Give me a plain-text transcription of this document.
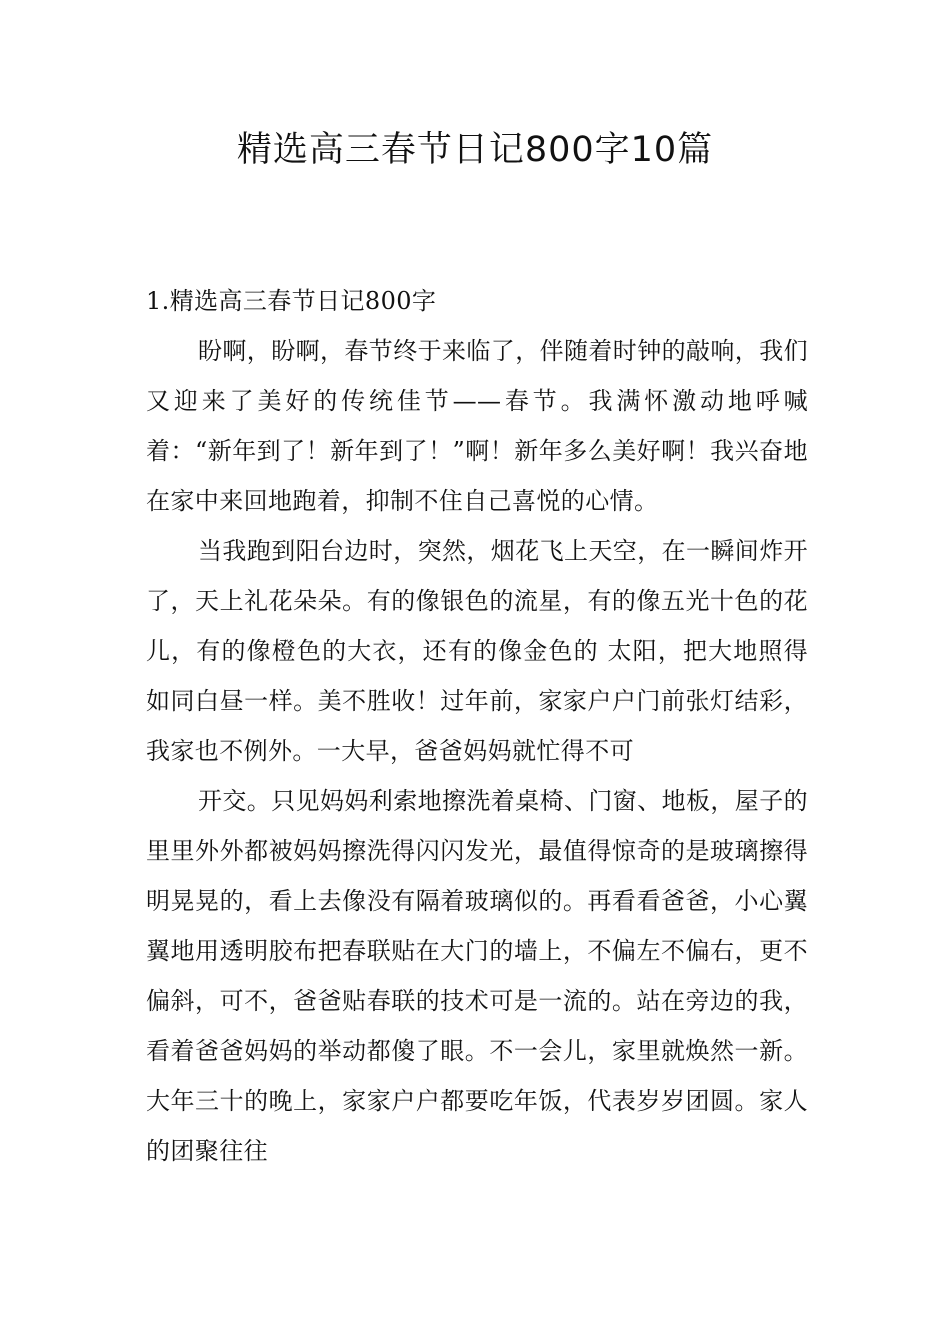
精选高三春节日记800字10篇
1.精选高三春节日记800字

盼啊，盼啊，春节终于来临了，伴随着时钟的敲响，我们又迎来了美好的传统佳节——春节。我满怀激动地呼喊着：“新年到了！新年到了！”啊！新年多么美好啊！我兴奋地在家中来回地跑着，抑制不住自己喜悦的心情。

当我跑到阳台边时，突然，烟花飞上天空，在一瞬间炸开了，天上礼花朵朵。有的像银色的流星，有的像五光十色的花儿，有的像橙色的大衣，还有的像金色的 太阳，把大地照得如同白昼一样。美不胜收！过年前，家家户户门前张灯结彩，我家也不例外。一大早，爸爸妈妈就忙得不可

开交。只见妈妈利索地擦洗着桌椅、门窗、地板，屋子的里里外外都被妈妈擦洗得闪闪发光，最值得惊奇的是玻璃擦得明晃晃的，看上去像没有隔着玻璃似的。再看看爸爸，小心翼翼地用透明胶布把春联贴在大门的墙上，不偏左不偏右，更不偏斜，可不，爸爸贴春联的技术可是一流的。站在旁边的我，看着爸爸妈妈的举动都傻了眼。不一会儿，家里就焕然一新。大年三十的晚上，家家户户都要吃年饭，代表岁岁团圆。家人的团聚往往
